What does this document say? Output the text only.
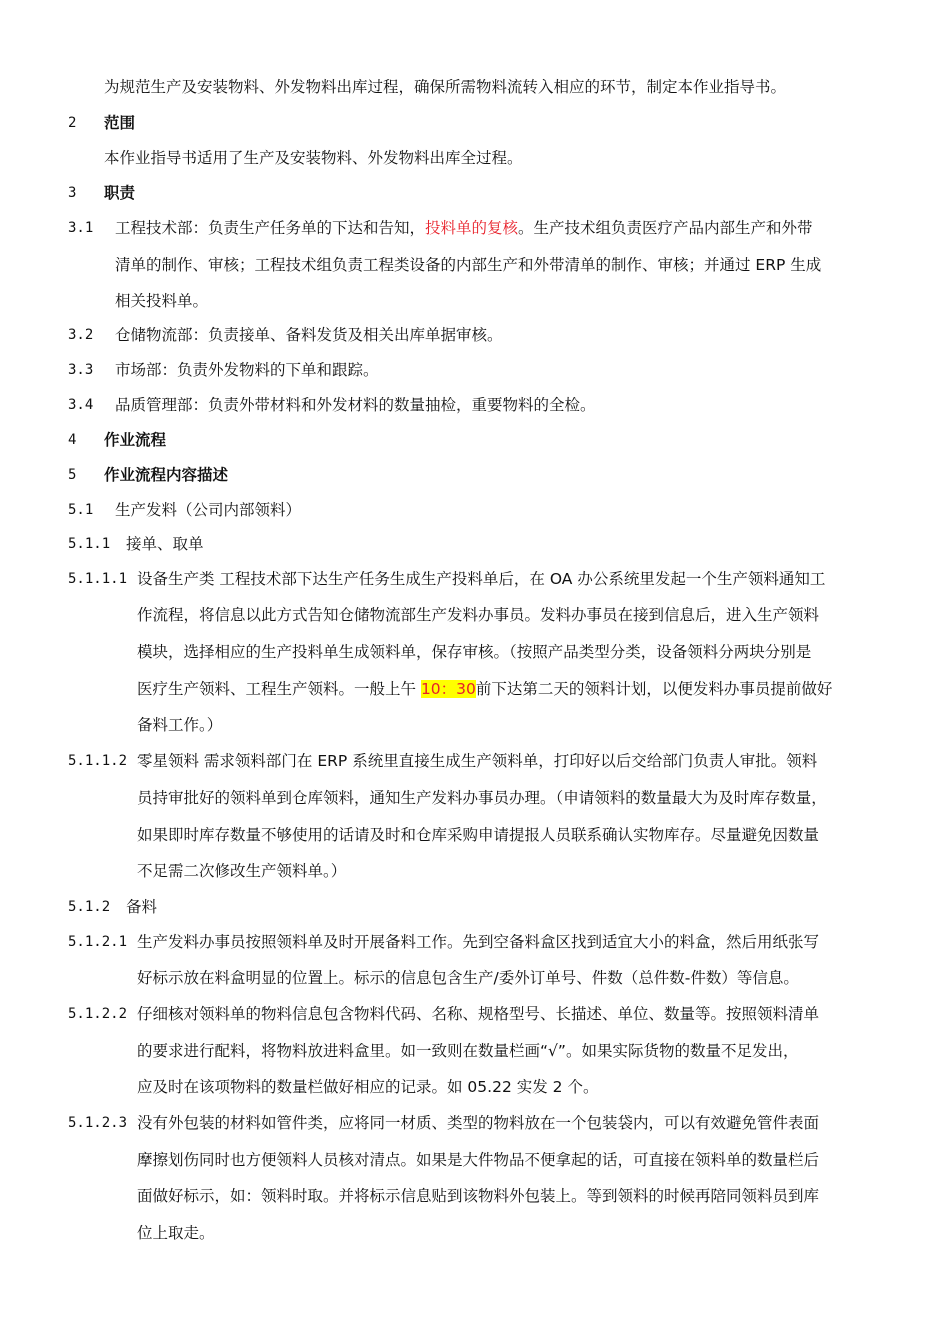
为规范生产及安装物料、外发物料出库过程，确保所需物料流转入相应的环节，制定本作业指导书。
2 范围
本作业指导书适用了生产及安装物料、外发物料出库全过程。
3 职责
3.1 工程技术部：负责生产任务单的下达和告知，投料单的复核。生产技术组负责医疗产品内部生产和外带
清单的制作、审核；工程技术组负责工程类设备的内部生产和外带清单的制作、审核；并通过 ERP 生成
相关投料单。
3.2 仓储物流部：负责接单、备料发货及相关出库单据审核。
3.3 市场部：负责外发物料的下单和跟踪。
3.4 品质管理部：负责外带材料和外发材料的数量抽检，重要物料的全检。
4 作业流程
5 作业流程内容描述
5.1 生产发料（公司内部领料）
5.1.1 接单、取单
5.1.1.1 设备生产类 工程技术部下达生产任务生成生产投料单后，在 OA 办公系统里发起一个生产领料通知工
作流程，将信息以此方式告知仓储物流部生产发料办事员。发料办事员在接到信息后，进入生产领料
模块，选择相应的生产投料单生成领料单，保存审核。（按照产品类型分类，设备领料分两块分别是
医疗生产领料、工程生产领料。一般上午 10：30前下达第二天的领料计划，以便发料办事员提前做好
备料工作。）
5.1.1.2 零星领料 需求领料部门在 ERP 系统里直接生成生产领料单，打印好以后交给部门负责人审批。领料
员持审批好的领料单到仓库领料，通知生产发料办事员办理。（申请领料的数量最大为及时库存数量，
如果即时库存数量不够使用的话请及时和仓库采购申请提报人员联系确认实物库存。尽量避免因数量
不足需二次修改生产领料单。）
5.1.2 备料
5.1.2.1 生产发料办事员按照领料单及时开展备料工作。先到空备料盒区找到适宜大小的料盒，然后用纸张写
好标示放在料盒明显的位置上。标示的信息包含生产/委外订单号、件数（总件数-件数）等信息。
5.1.2.2 仔细核对领料单的物料信息包含物料代码、名称、规格型号、长描述、单位、数量等。按照领料清单
的要求进行配料，将物料放进料盒里。如一致则在数量栏画“√”。如果实际货物的数量不足发出，
应及时在该项物料的数量栏做好相应的记录。如 05.22 实发 2 个。
5.1.2.3 没有外包装的材料如管件类，应将同一材质、类型的物料放在一个包装袋内，可以有效避免管件表面
摩擦划伤同时也方便领料人员核对清点。如果是大件物品不便拿起的话，可直接在领料单的数量栏后
面做好标示，如：领料时取。并将标示信息贴到该物料外包装上。等到领料的时候再陪同领料员到库
位上取走。
